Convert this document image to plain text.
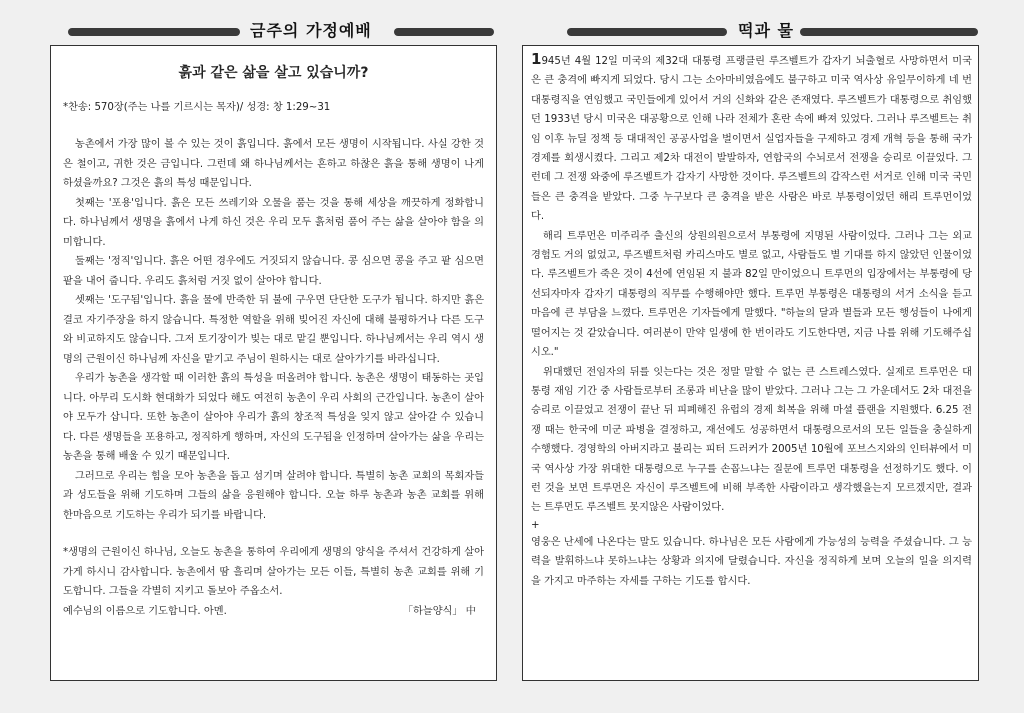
금주의 가정예배	떡과 물
흙과 같은 삶을 살고 있습니까?
*찬송: 570장(주는 나를 기르시는 목자)/ 성경: 창 1:29~31

농촌에서 가장 많이 볼 수 있는 것이 흙입니다. 흙에서 모든 생명이 시작됩니다. 사실 강한 것은 철이고, 귀한 것은 금입니다. 그런데 왜 하나님께서는 흔하고 하찮은 흙을 통해 생명이 나게 하셨을까요? 그것은 흙의 특성 때문입니다.

첫째는 '포용'입니다. 흙은 모든 쓰레기와 오물을 품는 것을 통해 세상을 깨끗하게 정화합니다. 하나님께서 생명을 흙에서 나게 하신 것은 우리 모두 흙처럼 품어 주는 삶을 살아야 함을 의미합니다.

둘째는 '정직'입니다. 흙은 어떤 경우에도 거짓되지 않습니다. 콩 심으면 콩을 주고 팥 심으면 팥을 내어 줍니다. 우리도 흙처럼 거짓 없이 살아야 합니다.

셋째는 '도구됨'입니다. 흙을 물에 반죽한 뒤 불에 구우면 단단한 도구가 됩니다. 하지만 흙은 결코 자기주장을 하지 않습니다. 특정한 역할을 위해 빚어진 자신에 대해 불평하거나 다른 도구와 비교하지도 않습니다. 그저 토기장이가 빚는 대로 맡길 뿐입니다. 하나님께서는 우리 역시 생명의 근원이신 하나님께 자신을 맡기고 주님이 원하시는 대로 살아가기를 바라십니다.

우리가 농촌을 생각할 때 이러한 흙의 특성을 떠올려야 합니다. 농촌은 생명이 태동하는 곳입니다. 아무리 도시화 현대화가 되었다 해도 여전히 농촌이 우리 사회의 근간입니다. 농촌이 살아야 모두가 삽니다. 또한 농촌이 살아야 우리가 흙의 창조적 특성을 잊지 않고 살아갈 수 있습니다. 다른 생명들을 포용하고, 정직하게 행하며, 자신의 도구됨을 인정하며 살아가는 삶을 우리는 농촌을 통해 배울 수 있기 때문입니다.

그러므로 우리는 힘을 모아 농촌을 돕고 섬기며 살려야 합니다. 특별히 농촌 교회의 목회자들과 성도들을 위해 기도하며 그들의 삶을 응원해야 합니다. 오늘 하루 농촌과 농촌 교회를 위해 한마음으로 기도하는 우리가 되기를 바랍니다.

*생명의 근원이신 하나님, 오늘도 농촌을 통하여 우리에게 생명의 양식을 주셔서 건강하게 살아가게 하시니 감사합니다. 농촌에서 땀 흘리며 살아가는 모든 이들, 특별히 농촌 교회를 위해 기도합니다. 그들을 각별히 지키고 돌보아 주옵소서.
예수님의 이름으로 기도합니다. 아멘.	「하늘양식」 中

1945년 4월 12일 미국의 제32대 대통령 프랭클린 루즈벨트가 갑자기 뇌출혈로 사망하면서 미국은 큰 충격에 빠지게 되었다. 당시 그는 소아마비였음에도 불구하고 미국 역사상 유일무이하게 네 번 대통령직을 연임했고 국민들에게 있어서 거의 신화와 같은 존재였다. 루즈벨트가 대통령으로 취임했던 1933년 당시 미국은 대공황으로 인해 나라 전체가 혼란 속에 빠져 있었다. 그러나 루즈벨트는 취임 이후 뉴딜 정책 등 대대적인 공공사업을 벌이면서 실업자들을 구제하고 경제 개혁 등을 통해 국가 경제를 회생시켰다. 그리고 제2차 대전이 발발하자, 연합국의 수뇌로서 전쟁을 승리로 이끌었다. 그런데 그 전쟁 와중에 루즈벨트가 갑자기 사망한 것이다. 루즈벨트의 갑작스런 서거로 인해 미국 국민들은 큰 충격을 받았다. 그중 누구보다 큰 충격을 받은 사람은 바로 부통령이었던 해리 트루먼이었다.

해리 트루먼은 미주리주 출신의 상원의원으로서 부통령에 지명된 사람이었다. 그러나 그는 외교 경험도 거의 없었고, 루즈벨트처럼 카리스마도 별로 없고, 사람들도 별 기대를 하지 않았던 인물이었다. 루즈벨트가 죽은 것이 4선에 연임된 지 불과 82일 만이었으니 트루먼의 입장에서는 부통령에 당선되자마자 갑자기 대통령의 직무를 수행해야만 했다. 트루먼 부통령은 대통령의 서거 소식을 듣고 마음에 큰 부담을 느꼈다. 트루먼은 기자들에게 말했다. "하늘의 달과 별들과 모든 행성들이 나에게 떨어지는 것 같았습니다. 여러분이 만약 일생에 한 번이라도 기도한다면, 지금 나를 위해 기도해주십시오."

위대했던 전임자의 뒤를 잇는다는 것은 정말 말할 수 없는 큰 스트레스였다. 실제로 트루먼은 대통령 재임 기간 중 사람들로부터 조롱과 비난을 많이 받았다. 그러나 그는 그 가운데서도 2차 대전을 승리로 이끌었고 전쟁이 끝난 뒤 피폐해진 유럽의 경제 회복을 위해 마셜 플랜을 지원했다. 6.25 전쟁 때는 한국에 미군 파병을 결정하고, 재선에도 성공하면서 대통령으로서의 모든 일들을 충실하게 수행했다. 경영학의 아버지라고 불리는 피터 드러커가 2005년 10월에 포브스지와의 인터뷰에서 미국 역사상 가장 위대한 대통령으로 누구를 손꼽느냐는 질문에 트루먼 대통령을 선정하기도 했다. 이런 것을 보면 트루먼은 자신이 루즈벨트에 비해 부족한 사람이라고 생각했을는지 모르겠지만, 결과는 트루먼도 루즈벨트 못지않은 사람이었다.

+

영웅은 난세에 나온다는 말도 있습니다. 하나님은 모든 사람에게 가능성의 능력을 주셨습니다. 그 능력을 발휘하느냐 못하느냐는 상황과 의지에 달렸습니다. 자신을 정직하게 보며 오늘의 일을 의지력을 가지고 마주하는 자세를 구하는 기도를 합시다.
